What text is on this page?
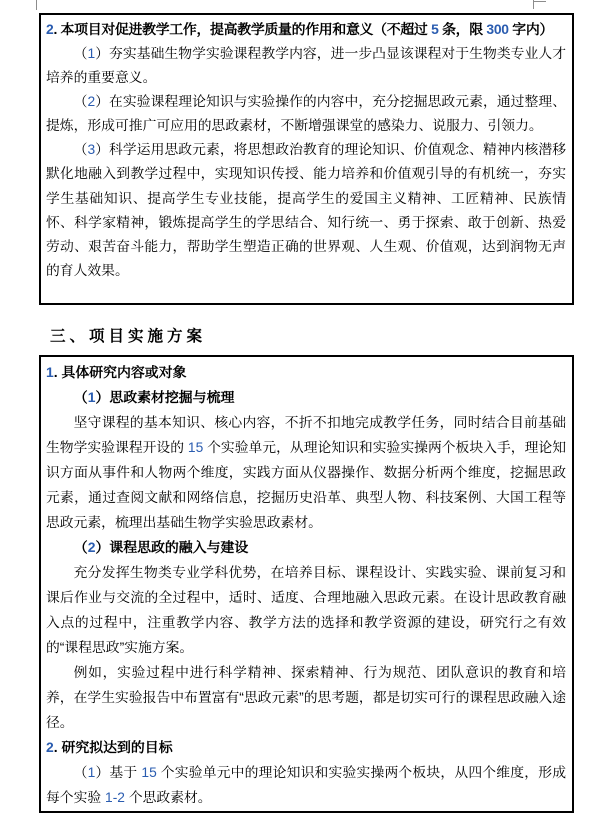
2. 本项目对促进教学工作，提高教学质量的作用和意义（不超过 5 条，限 300 字内）

（1）夯实基础生物学实验课程教学内容，进一步凸显该课程对于生物类专业人才培养的重要意义。

（2）在实验课程理论知识与实验操作的内容中，充分挖掘思政元素，通过整理、提炼，形成可推广可应用的思政素材，不断增强课堂的感染力、说服力、引领力。

（3）科学运用思政元素，将思想政治教育的理论知识、价值观念、精神内核潜移默化地融入到教学过程中，实现知识传授、能力培养和价值观引导的有机统一，夯实学生基础知识、提高学生专业技能，提高学生的爱国主义精神、工匠精神、民族情怀、科学家精神，锻炼提高学生的学思结合、知行统一、勇于探索、敢于创新、热爱劳动、艰苦奋斗能力，帮助学生塑造正确的世界观、人生观、价值观，达到润物无声的育人效果。

三、项目实施方案

1. 具体研究内容或对象

（1）思政素材挖掘与梳理

坚守课程的基本知识、核心内容，不折不扣地完成教学任务，同时结合目前基础生物学实验课程开设的 15 个实验单元，从理论知识和实验实操两个板块入手，理论知识方面从事件和人物两个维度，实践方面从仪器操作、数据分析两个维度，挖掘思政元素，通过查阅文献和网络信息，挖掘历史沿革、典型人物、科技案例、大国工程等思政元素，梳理出基础生物学实验思政素材。

（2）课程思政的融入与建设

充分发挥生物类专业学科优势，在培养目标、课程设计、实践实验、课前复习和课后作业与交流的全过程中，适时、适度、合理地融入思政元素。在设计思政教育融入点的过程中，注重教学内容、教学方法的选择和教学资源的建设，研究行之有效的“课程思政”实施方案。

例如，实验过程中进行科学精神、探索精神、行为规范、团队意识的教育和培养，在学生实验报告中布置富有“思政元素”的思考题，都是切实可行的课程思政融入途径。

2. 研究拟达到的目标

（1）基于 15 个实验单元中的理论知识和实验实操两个板块，从四个维度，形成每个实验 1-2 个思政素材。
